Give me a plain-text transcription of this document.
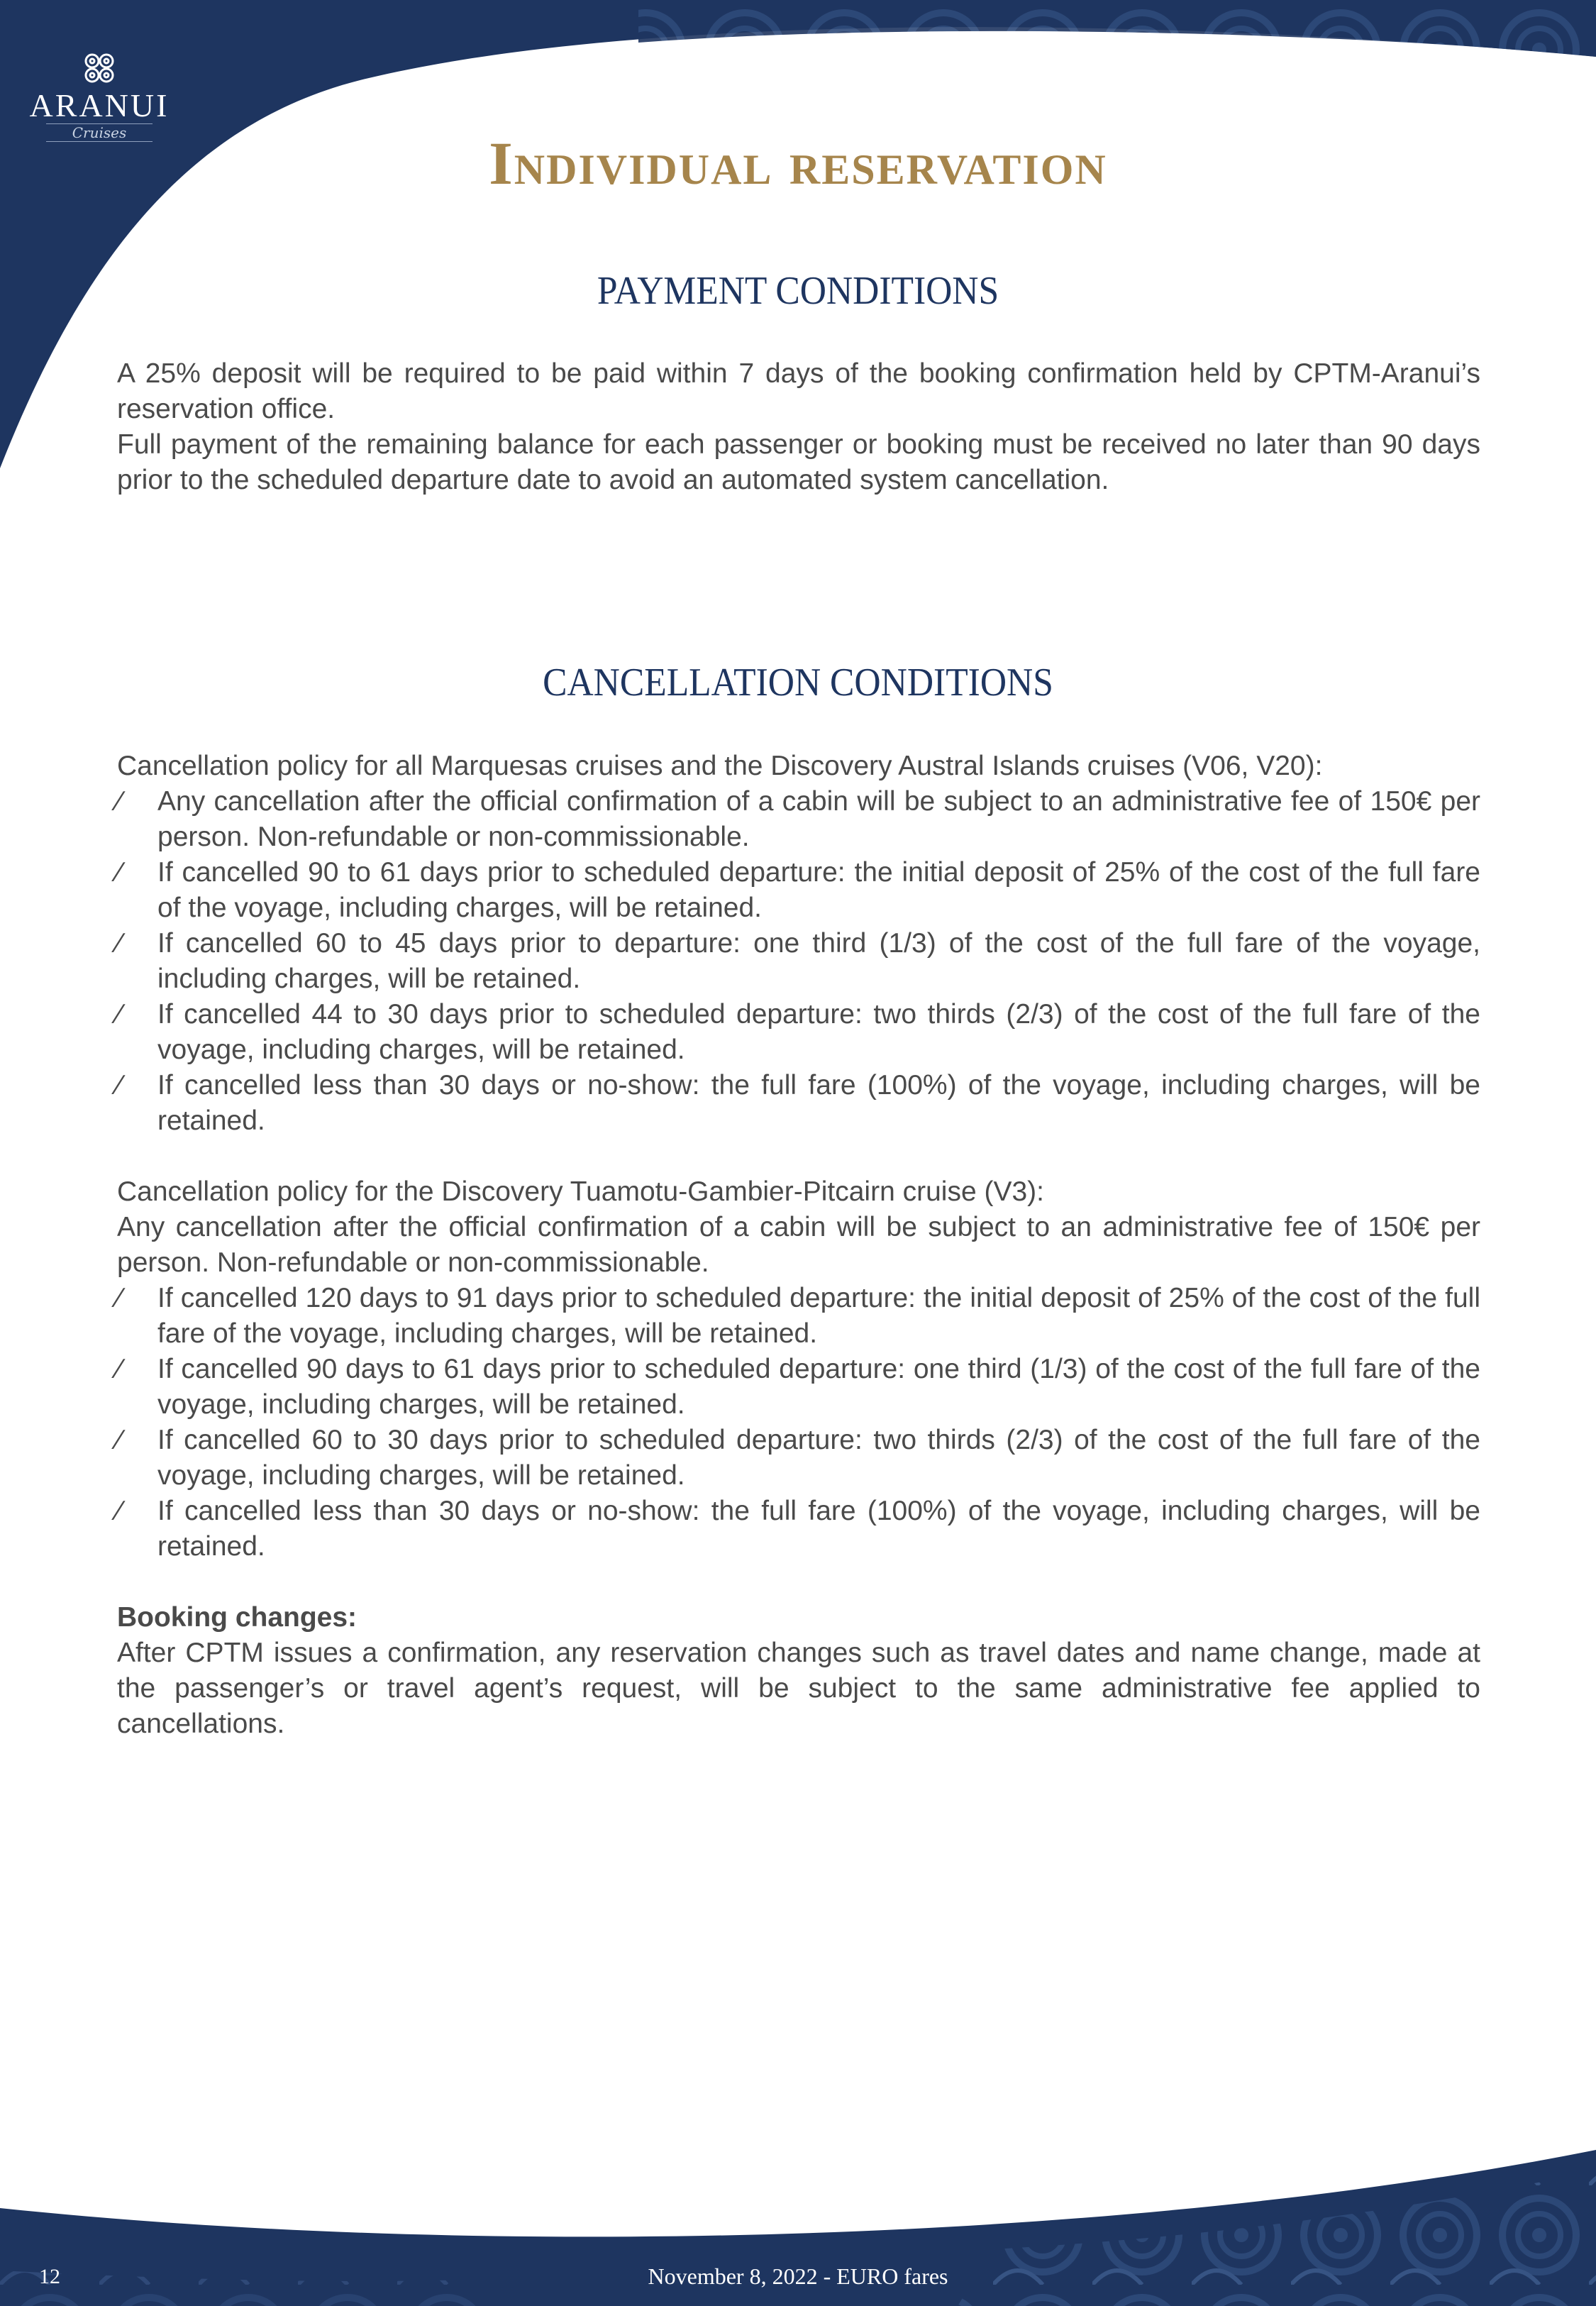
ARANUI
Cruises	Individual reservation
PAYMENT CONDITIONS

A 25% deposit will be required to be paid within 7 days of the booking confirmation held by CPTM-Aranui’s reservation office.

Full payment of the remaining balance for each passenger or booking must be received no later than 90 days prior to the scheduled departure date to avoid an automated system cancellation.

CANCELLATION CONDITIONS

Cancellation policy for all Marquesas cruises and the Discovery Austral Islands cruises (V06, V20):

⁄ Any cancellation after the official confirmation of a cabin will be subject to an administrative fee of 150€ per person. Non-refundable or non-commissionable.
⁄ If cancelled 90 to 61 days prior to scheduled departure: the initial deposit of 25% of the cost of the full fare of the voyage, including charges, will be retained.
⁄ If cancelled 60 to 45 days prior to departure: one third (1/3) of the cost of the full fare of the voyage, including charges, will be retained.
⁄ If cancelled 44 to 30 days prior to scheduled departure: two thirds (2/3) of the cost of the full fare of the voyage, including charges, will be retained.
⁄ If cancelled less than 30 days or no-show: the full fare (100%) of the voyage, including charges, will be retained.

Cancellation policy for the Discovery Tuamotu-Gambier-Pitcairn cruise (V3):

Any cancellation after the official confirmation of a cabin will be subject to an administrative fee of 150€ per person. Non-refundable or non-commissionable.

⁄ If cancelled 120 days to 91 days prior to scheduled departure: the initial deposit of 25% of the cost of the full fare of the voyage, including charges, will be retained.
⁄ If cancelled 90 days to 61 days prior to scheduled departure: one third (1/3) of the cost of the full fare of the voyage, including charges, will be retained.
⁄ If cancelled 60 to 30 days prior to scheduled departure: two thirds (2/3) of the cost of the full fare of the voyage, including charges, will be retained.
⁄ If cancelled less than 30 days or no-show: the full fare (100%) of the voyage, including charges, will be retained.

Booking changes:

After CPTM issues a confirmation, any reservation changes such as travel dates and name change, made at the passenger’s or travel agent’s request, will be subject to the same administrative fee applied to cancellations.

12	November 8, 2022 - EURO fares
